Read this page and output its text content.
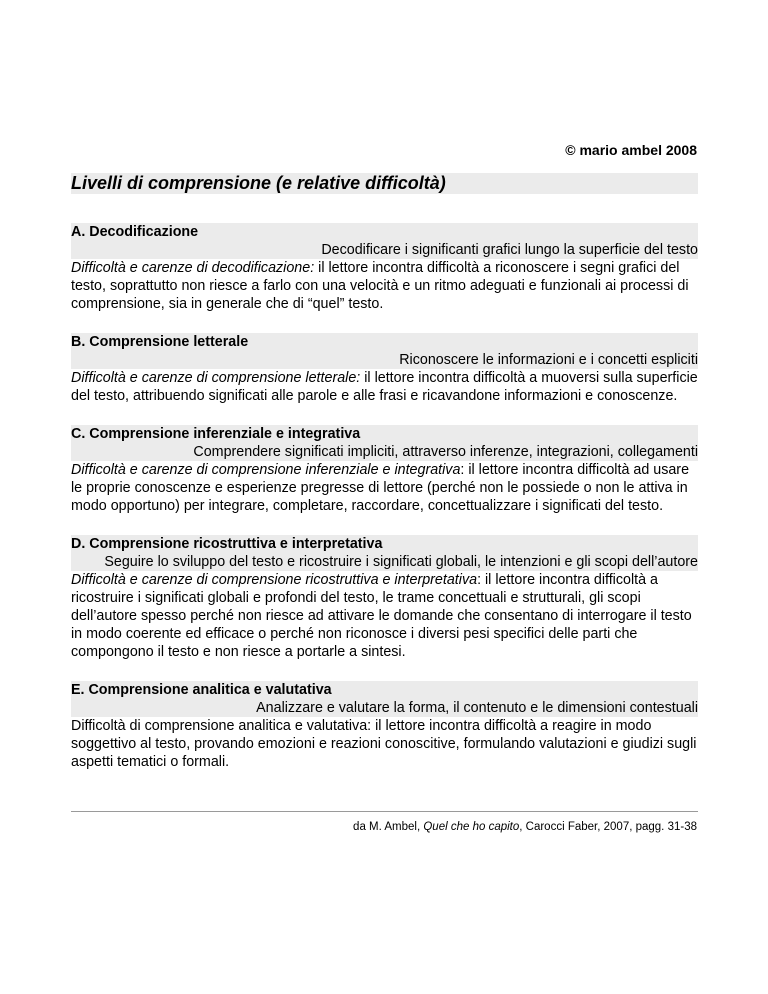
© mario ambel 2008
Livelli di comprensione (e relative difficoltà)
A. Decodificazione
Decodificare i significanti grafici lungo la superficie del testo
Difficoltà e carenze di decodificazione: il lettore incontra difficoltà a riconoscere i segni grafici del testo, soprattutto non riesce a farlo con una velocità e un ritmo adeguati e funzionali ai processi di comprensione, sia in generale che di “quel” testo.
B. Comprensione letterale
Riconoscere le informazioni e i concetti espliciti
Difficoltà e carenze di comprensione letterale: il lettore incontra difficoltà a muoversi sulla superficie del testo, attribuendo significati alle parole e alle frasi e ricavandone informazioni e conoscenze.
C. Comprensione inferenziale e integrativa
Comprendere significati impliciti, attraverso inferenze, integrazioni, collegamenti
Difficoltà e carenze di comprensione inferenziale e integrativa: il lettore incontra difficoltà ad usare le proprie conoscenze e esperienze pregresse di lettore (perché non le possiede o non le attiva in modo opportuno) per integrare, completare, raccordare, concettualizzare i significati del testo.
D. Comprensione ricostruttiva e interpretativa
Seguire lo sviluppo del testo e ricostruire i significati globali, le intenzioni e gli scopi dell’autore
Difficoltà e carenze di comprensione ricostruttiva e interpretativa: il lettore incontra difficoltà a ricostruire i significati globali e profondi del testo, le trame concettuali e strutturali, gli scopi dell’autore spesso perché non riesce ad attivare le domande che consentano di interrogare il testo in modo coerente ed efficace o perché non riconosce i diversi pesi specifici delle parti che compongono il testo e non riesce a portarle a sintesi.
E. Comprensione analitica e valutativa
Analizzare e valutare la forma, il contenuto e le dimensioni contestuali
Difficoltà di comprensione analitica e valutativa: il lettore incontra difficoltà a reagire in modo soggettivo al testo, provando emozioni e reazioni conoscitive, formulando valutazioni e giudizi sugli aspetti tematici o formali.
da M. Ambel, Quel che ho capito, Carocci Faber, 2007, pagg. 31-38
